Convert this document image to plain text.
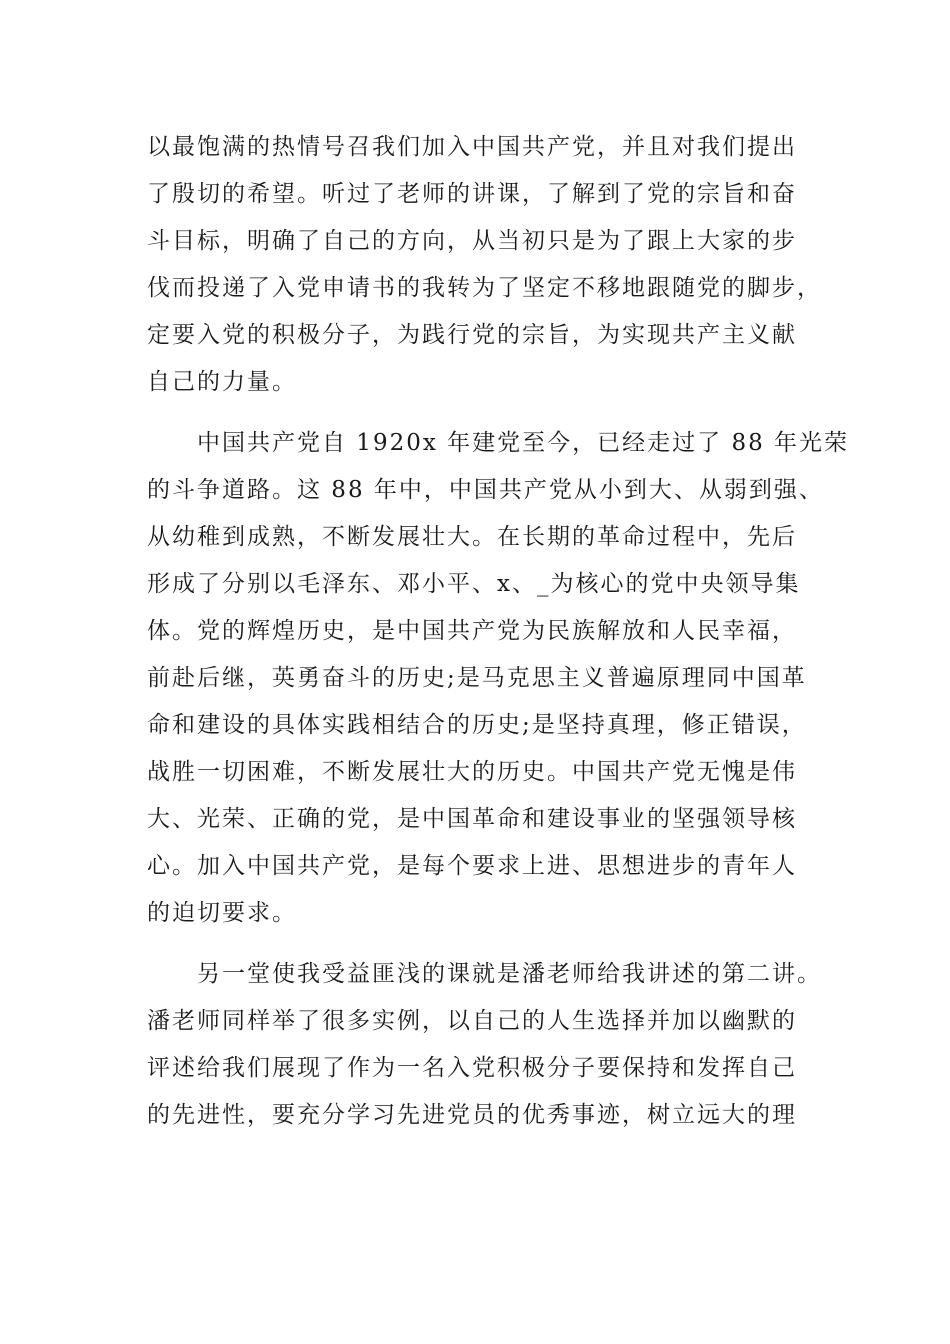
以最饱满的热情号召我们加入中国共产党，并且对我们提出
了殷切的希望。听过了老师的讲课，了解到了党的宗旨和奋
斗目标，明确了自己的方向，从当初只是为了跟上大家的步
伐而投递了入党申请书的我转为了坚定不移地跟随党的脚步，
定要入党的积极分子，为践行党的宗旨，为实现共产主义献
自己的力量。

中国共产党自 1920x 年建党至今，已经走过了 88 年光荣
的斗争道路。这 88 年中，中国共产党从小到大、从弱到强、
从幼稚到成熟，不断发展壮大。在长期的革命过程中，先后
形成了分别以毛泽东、邓小平、x、_为核心的党中央领导集
体。党的辉煌历史，是中国共产党为民族解放和人民幸福，
前赴后继，英勇奋斗的历史;是马克思主义普遍原理同中国革
命和建设的具体实践相结合的历史;是坚持真理，修正错误，
战胜一切困难，不断发展壮大的历史。中国共产党无愧是伟
大、光荣、正确的党，是中国革命和建设事业的坚强领导核
心。加入中国共产党，是每个要求上进、思想进步的青年人
的迫切要求。

另一堂使我受益匪浅的课就是潘老师给我讲述的第二讲。
潘老师同样举了很多实例，以自己的人生选择并加以幽默的
评述给我们展现了作为一名入党积极分子要保持和发挥自己
的先进性，要充分学习先进党员的优秀事迹，树立远大的理
